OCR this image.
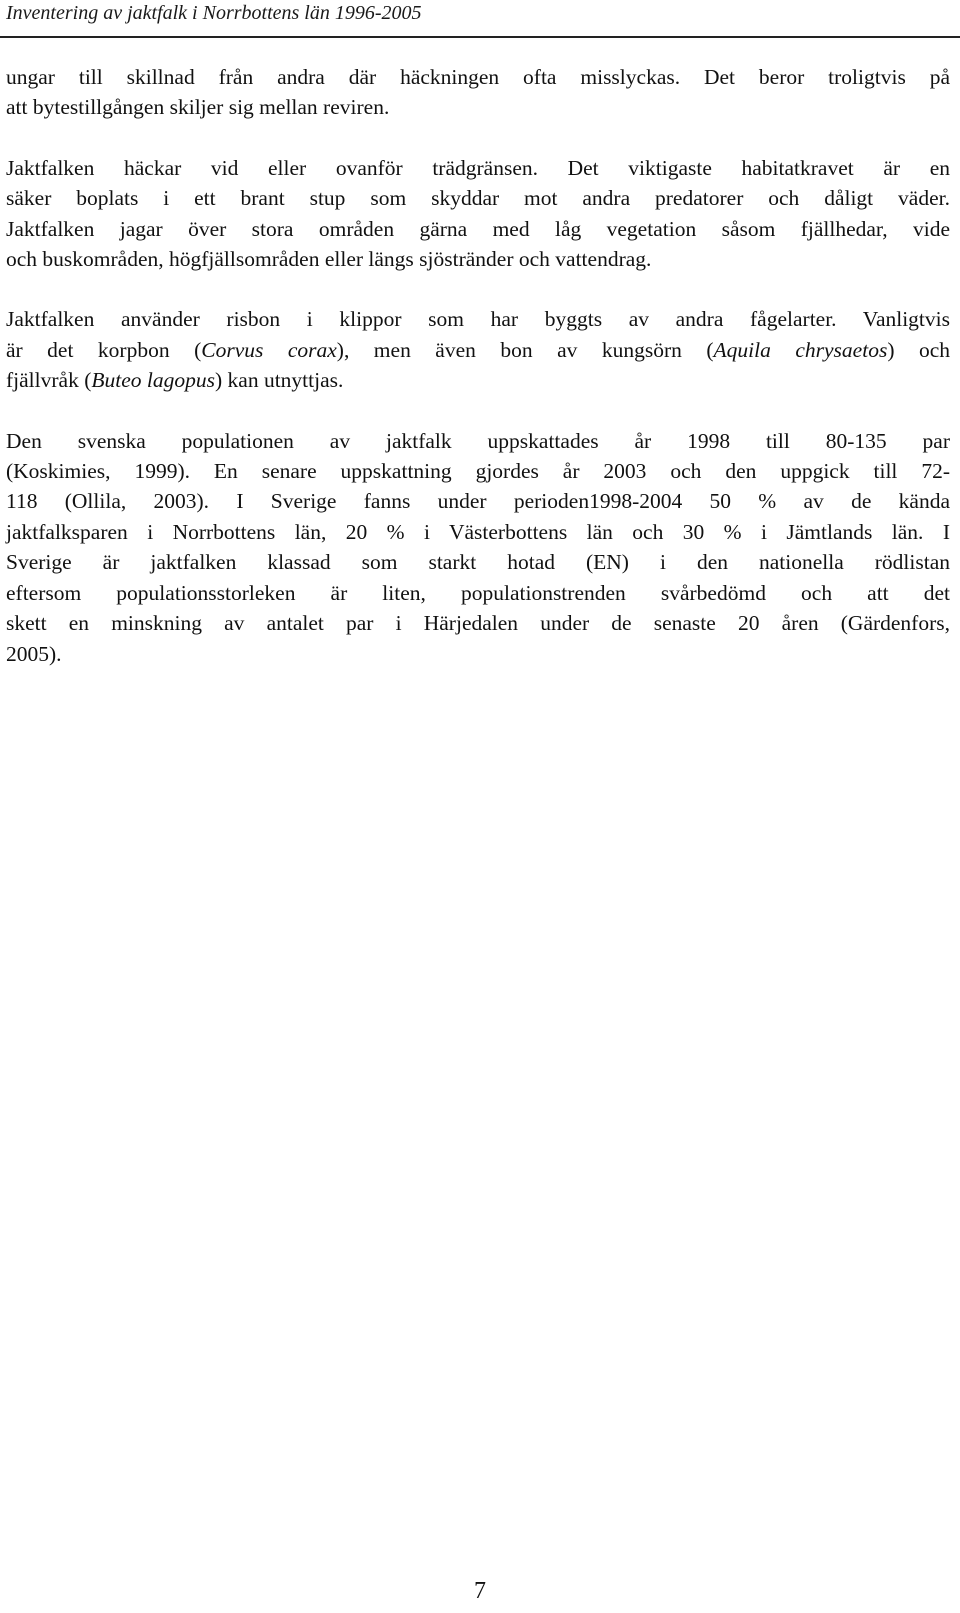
Inventering av jaktfalk i Norrbottens län 1996-2005

ungar till skillnad från andra där häckningen ofta misslyckas. Det beror troligtvis på
att bytestillgången skiljer sig mellan reviren.

Jaktfalken häckar vid eller ovanför trädgränsen. Det viktigaste habitatkravet är en
säker boplats i ett brant stup som skyddar mot andra predatorer och dåligt väder.
Jaktfalken jagar över stora områden gärna med låg vegetation såsom fjällhedar, vide
och buskområden, högfjällsområden eller längs sjöstränder och vattendrag.

Jaktfalken använder risbon i klippor som har byggts av andra fågelarter. Vanligtvis
är det korpbon (Corvus corax), men även bon av kungsörn (Aquila chrysaetos) och
fjällvråk (Buteo lagopus) kan utnyttjas.

Den svenska populationen av jaktfalk uppskattades år 1998 till 80-135 par
(Koskimies, 1999). En senare uppskattning gjordes år 2003 och den uppgick till 72-
118 (Ollila, 2003). I Sverige fanns under perioden1998-2004 50 % av de kända
jaktfalksparen i Norrbottens län, 20 % i Västerbottens län och 30 % i Jämtlands län. I
Sverige är jaktfalken klassad som starkt hotad (EN) i den nationella rödlistan
eftersom populationsstorleken är liten, populationstrenden svårbedömd och att det
skett en minskning av antalet par i Härjedalen under de senaste 20 åren (Gärdenfors,
2005).

7
